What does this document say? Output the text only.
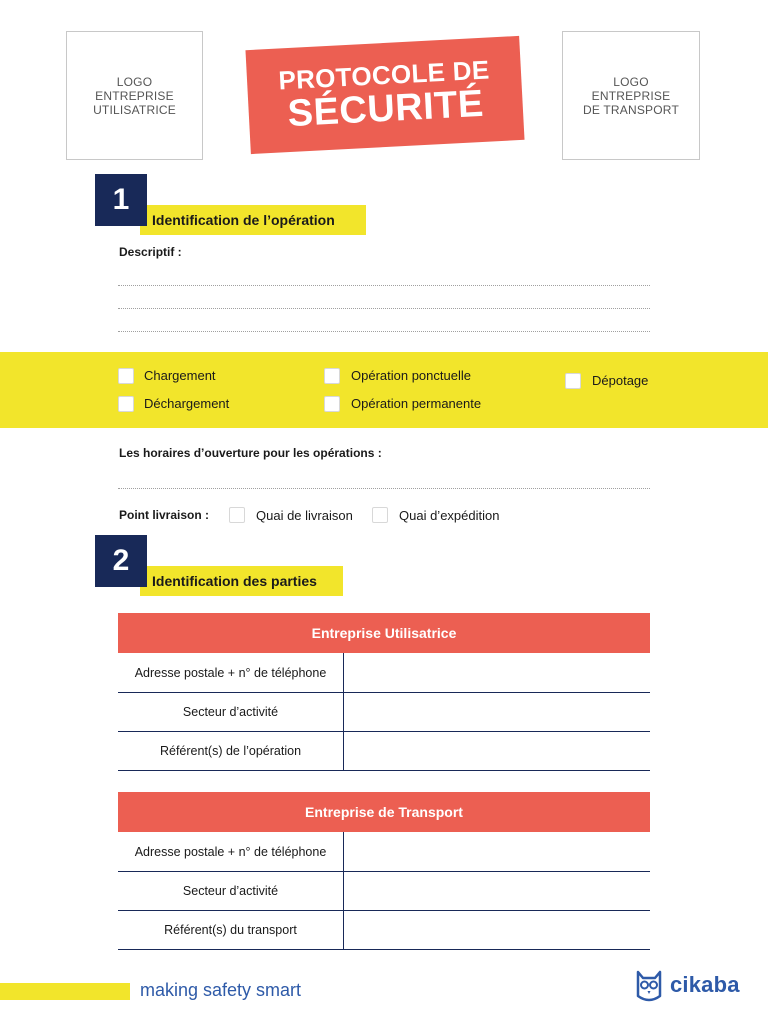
LOGO
ENTREPRISE
UTILISATRICE
PROTOCOLE DE
SÉCURITÉ
LOGO
ENTREPRISE
DE TRANSPORT
Identification de l’opération
1
Descriptif :
Chargement
Déchargement
Opération ponctuelle
Opération permanente
Dépotage
Les horaires d’ouverture pour les opérations :
Point livraison :	Quai de livraison	Quai d’expédition
Identification des parties
2
Entreprise Utilisatrice
Adresse postale + n° de téléphone
Secteur d’activité
Référent(s) de l’opération
Entreprise de Transport
Adresse postale + n° de téléphone
Secteur d’activité
Référent(s) du transport
making safety smart	cikaba
